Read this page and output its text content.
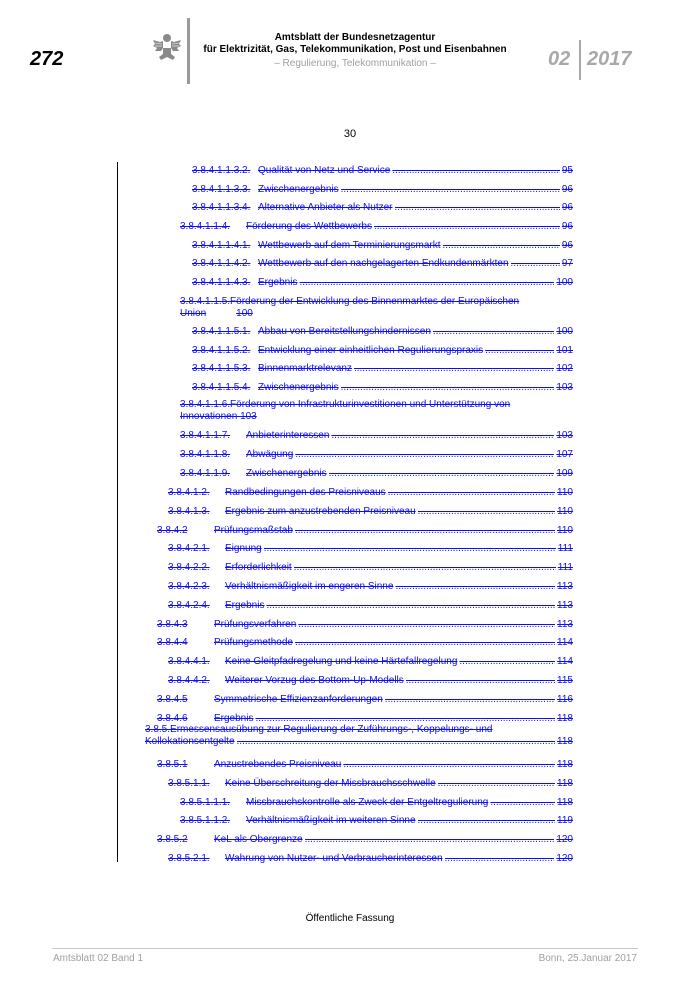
272
Amtsblatt der Bundesnetzagentur
für Elektrizität, Gas, Telekommunikation, Post und Eisenbahnen
– Regulierung, Telekommunikation –	02 2017
30
3.8.4.1.1.3.2. Qualität von Netz und Service .....	95
3.8.4.1.1.3.3. Zwischenergebnis .....	96
3.8.4.1.1.3.4. Alternative Anbieter als Nutzer .....	96
3.8.4.1.1.4.	Förderung des Wettbewerbs .....	96
3.8.4.1.1.4.1. Wettbewerb auf dem Terminierungsmarkt .....	96
3.8.4.1.1.4.2. Wettbewerb auf den nachgelagerten Endkundenmärkten .....	97
3.8.4.1.1.4.3. Ergebnis .....	100
3.8.4.1.1.5.Förderung der Entwicklung des Binnenmarktes der Europäischen
Union	100
3.8.4.1.1.5.1. Abbau von Bereitstellungshindernissen .....	100
3.8.4.1.1.5.2. Entwicklung einer einheitlichen Regulierungspraxis .....	101
3.8.4.1.1.5.3. Binnenmarktrelevanz .....	102
3.8.4.1.1.5.4. Zwischenergebnis .....	103
3.8.4.1.1.6.Förderung von Infrastrukturinvestitionen und Unterstützung von
Innovationen
103
3.8.4.1.1.7.	Anbieterinteressen .....	103
3.8.4.1.1.8.	Abwägung .....	107
3.8.4.1.1.9.	Zwischenergebnis .....	109
3.8.4.1.2.	Randbedingungen des Preisniveaus .....	110
3.8.4.1.3.	Ergebnis zum anzustrebenden Preisniveau .....	110
3.8.4.2	Prüfungsmaßstab .....	110
3.8.4.2.1.	Eignung .....	111
3.8.4.2.2.	Erforderlichkeit .....	111
3.8.4.2.3.	Verhältnismäßigkeit im engeren Sinne .....	113
3.8.4.2.4.	Ergebnis .....	113
3.8.4.3	Prüfungsverfahren .....	113
3.8.4.4	Prüfungsmethode .....	114
3.8.4.4.1.	Keine Gleitpfadregelung und keine Härtefallregelung .....	114
3.8.4.4.2.	Weiterer Vorzug des Bottom-Up-Modells .....	115
3.8.4.5	Symmetrische Effizienzanforderungen .....	116
3.8.4.6	Ergebnis .....	118
3.8.5.Ermessensausübung zur Regulierung der Zuführungs-, Koppelungs- und
Kollokationsentgelte .....	118
3.8.5.1	Anzustrebendes Preisniveau .....	118
3.8.5.1.1.	Keine Überschreitung der Missbrauchsschwelle .....	118
3.8.5.1.1.1.	Missbrauchskontrolle als Zweck der Entgeltregulierung .....	118
3.8.5.1.1.2.	Verhältnismäßigkeit im weiteren Sinne .....	119
3.8.5.2	KeL als Obergrenze .....	120
3.8.5.2.1.	Wahrung von Nutzer- und Verbraucherinteressen .....	120
Öffentliche Fassung
Amtsblatt 02 Band 1	Bonn, 25.Januar 2017
